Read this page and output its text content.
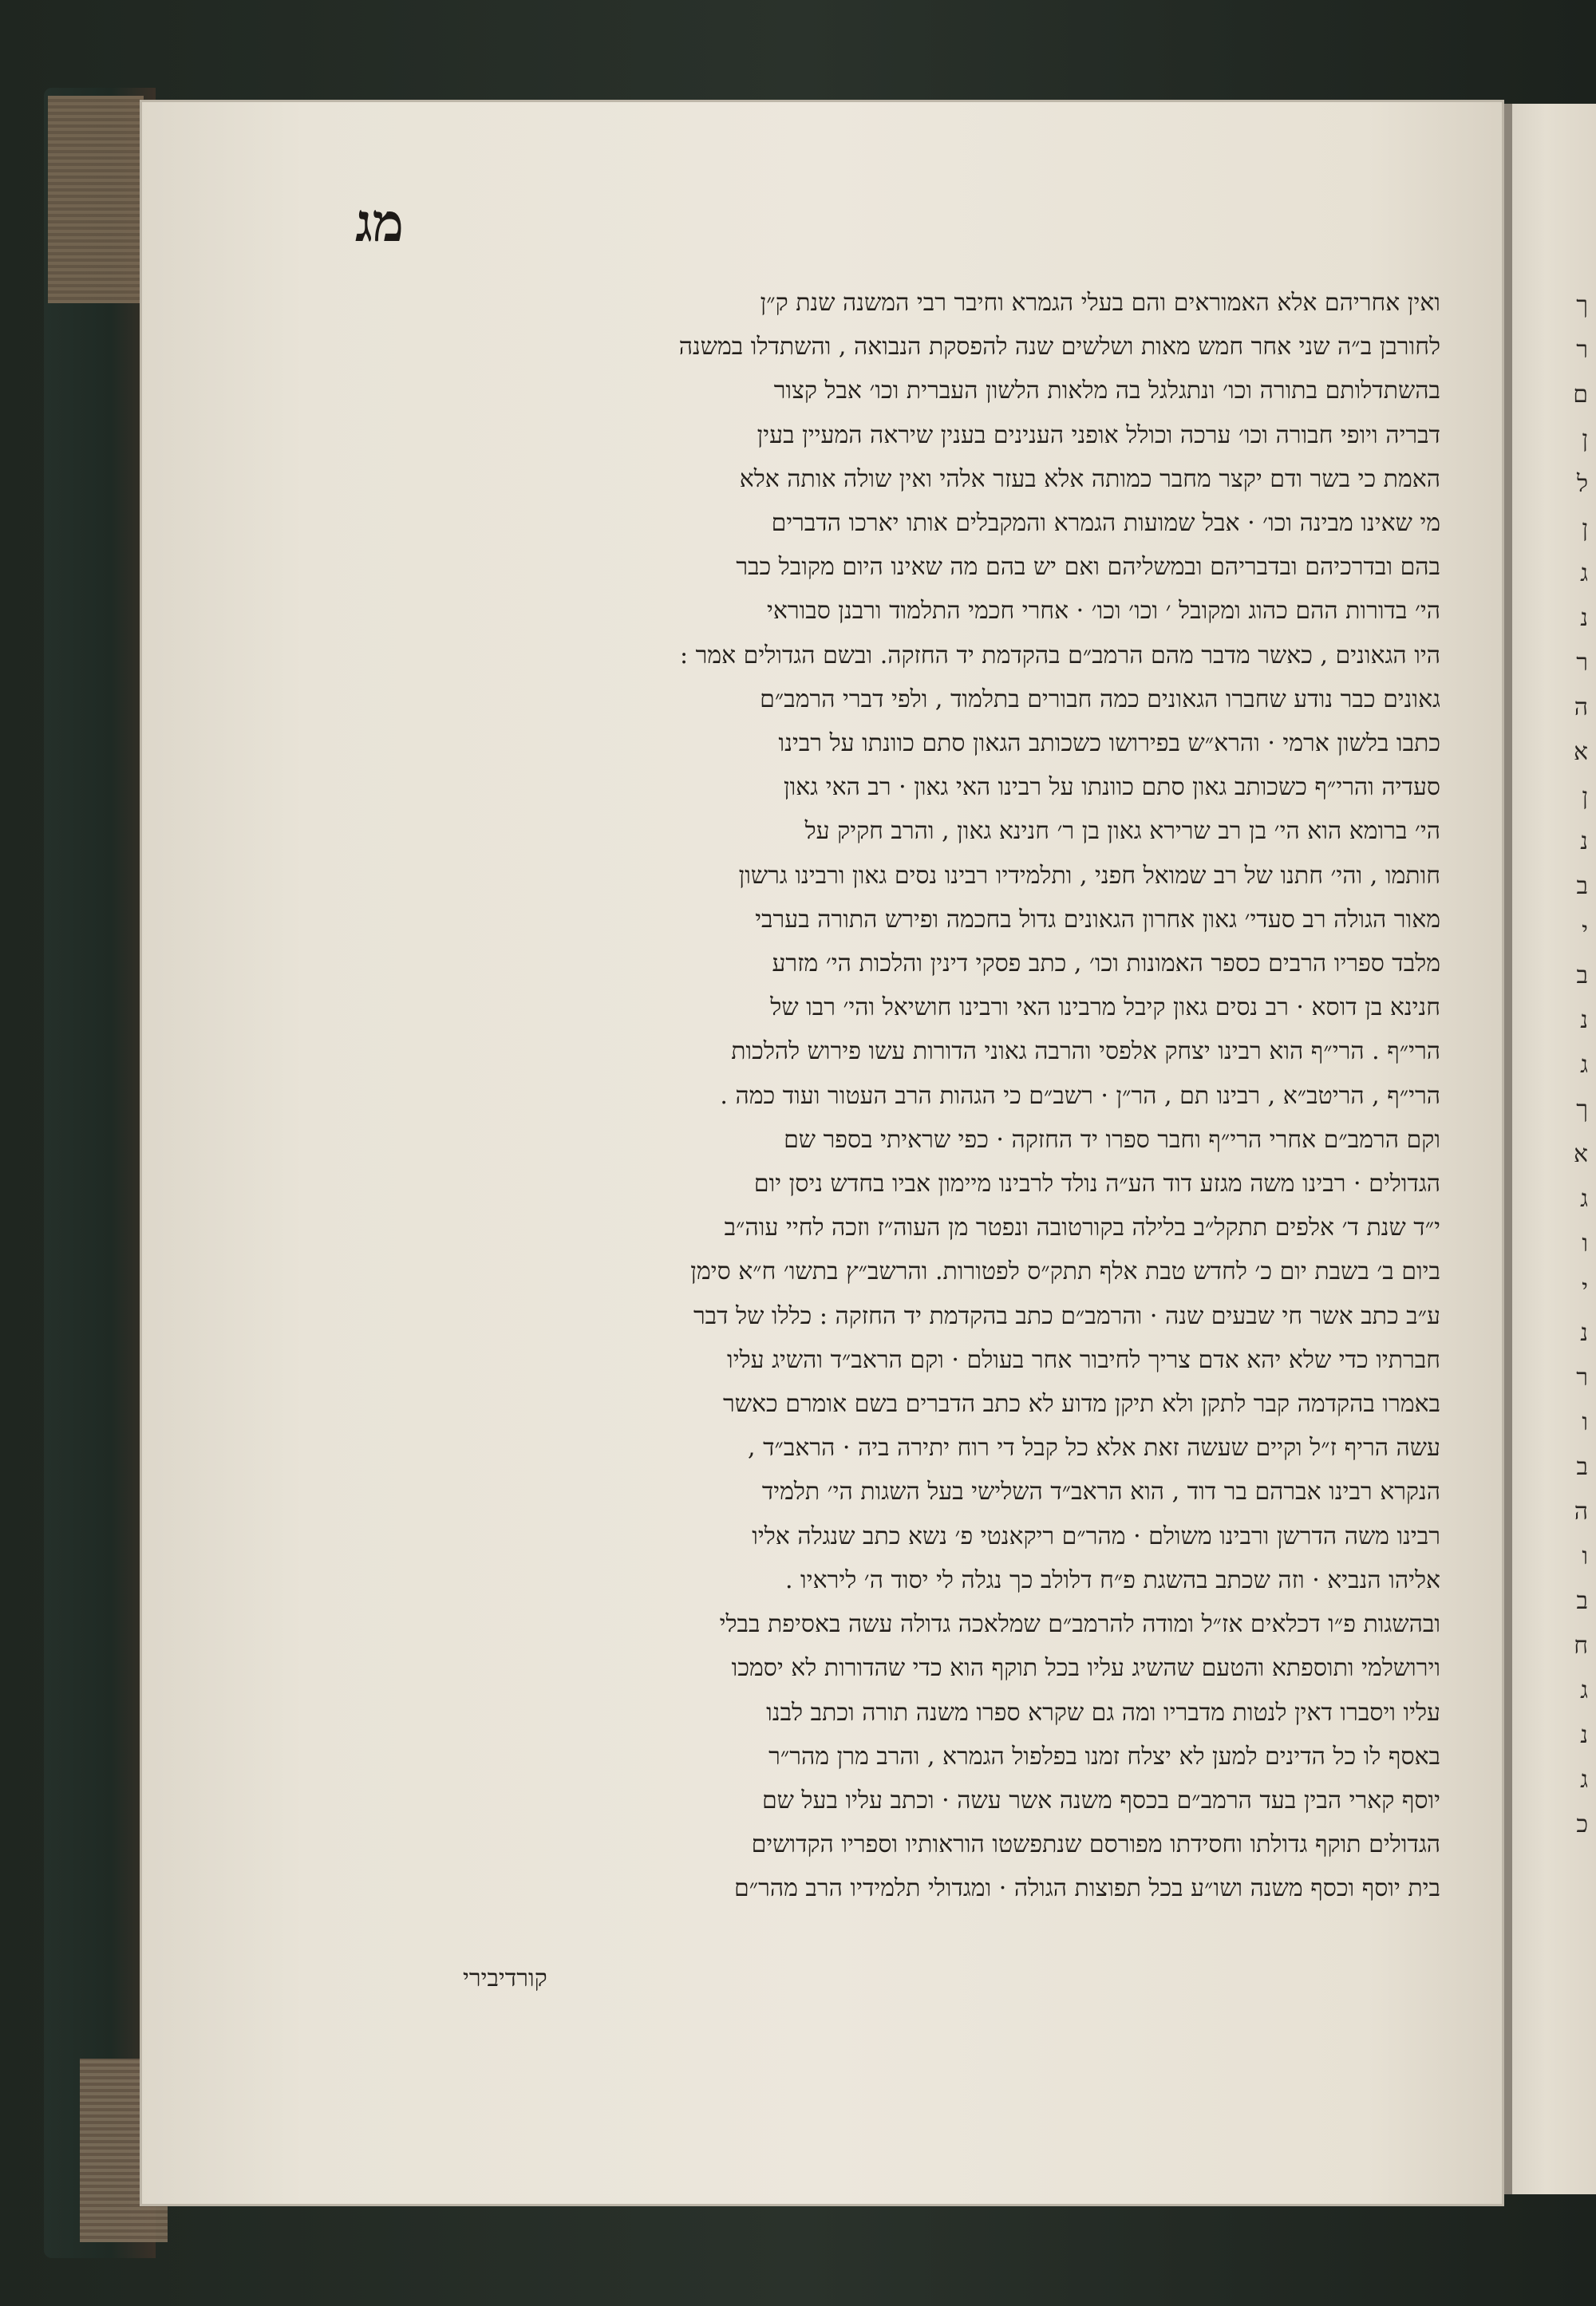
ך
ר
ם
ן
ל
ן
ג
נ
ר
ה
א
ן
נ
ב
י
ב
נ
ג
ך
א
ג
ו
י
נ
ר
ו
ב
ה
ו
ב
ח
ג
נ
ג
כ
מג
ואין אחריהם אלא האמוראים והם בעלי הגמרא וחיבר רבי המשנה שנת ק״ן
לחורבן ב״ה שני אחר חמש מאות ושלשים שנה להפסקת הנבואה , והשתדלו במשנה
בהשתדלותם בתורה וכו׳ ונתגלגל בה מלאות הלשון העברית וכו׳ אבל קצור
דבריה ויופי חבורה וכו׳ ערכה וכולל אופני הענינים בענין שיראה המעיין בעין
האמת כי בשר ודם יקצר מחבר כמותה אלא בעזר אלהי ואין שולה אותה אלא
מי שאינו מבינה וכו׳ · אבל שמועות הגמרא והמקבלים אותו יארכו הדברים
בהם ובדרכיהם ובדבריהם ובמשליהם ואם יש בהם מה שאינו היום מקובל כבר
הי׳ בדורות ההם כהוג ומקובל ׳ וכו׳ וכו׳ · אחרי חכמי התלמוד ורבנן סבוראי
היו הגאונים , כאשר מדבר מהם הרמב״ם בהקדמת יד החזקה. ובשם הגדולים אמר :
גאונים כבר נודע שחברו הגאונים כמה חבורים בתלמוד , ולפי דברי הרמב״ם
כתבו בלשון ארמי · והרא״ש בפירושו כשכותב הגאון סתם כוונתו על רבינו
סעדיה והרי״ף כשכותב גאון סתם כוונתו על רבינו האי גאון · רב האי גאון
הי׳ ברומא הוא הי׳ בן רב שרירא גאון בן ר׳ חנינא גאון , והרב חקיק על
חותמו , והי׳ חתנו של רב שמואל חפני , ותלמידיו רבינו נסים גאון ורבינו גרשון
מאור הגולה רב סעדי׳ גאון אחרון הגאונים גדול בחכמה ופירש התורה בערבי
מלבד ספריו הרבים כספר האמונות וכו׳ , כתב פסקי דינין והלכות הי׳ מזרע
חנינא בן דוסא · רב נסים גאון קיבל מרבינו האי ורבינו חושיאל והי׳ רבו של
הרי״ף . הרי״ף הוא רבינו יצחק אלפסי והרבה גאוני הדורות עשו פירוש להלכות
הרי״ף , הריטב״א , רבינו תם , הר״ן · רשב״ם כי הגהות הרב העטור ועוד כמה .
וקם הרמב״ם אחרי הרי״ף וחבר ספרו יד החזקה · כפי שראיתי בספר שם
הגדולים · רבינו משה מגזע דוד הע״ה נולד לרבינו מיימון אביו בחדש ניסן יום
י״ד שנת ד׳ אלפים תתקל״ב בלילה בקורטובה ונפטר מן העוה״ז וזכה לחיי עוה״ב
ביום ב׳ בשבת יום כ׳ לחדש טבת אלף תתק״ס לפטורות. והרשב״ץ בתשו׳ ח״א סימן
ע״ב כתב אשר חי שבעים שנה · והרמב״ם כתב בהקדמת יד החזקה : כללו של דבר
חברתיו כדי שלא יהא אדם צריך לחיבור אחר בעולם · וקם הראב״ד והשיג עליו
באמרו בהקדמה קבר לתקן ולא תיקן מדוע לא כתב הדברים בשם אומרם כאשר
עשה הריף ז״ל וקיים שעשה זאת אלא כל קבל די רוח יתירה ביה · הראב״ד ,
הנקרא רבינו אברהם בר דוד , הוא הראב״ד השלישי בעל השגות הי׳ תלמיד
רבינו משה הדרשן ורבינו משולם · מהר״ם ריקאנטי פ׳ נשא כתב שנגלה אליו
אליהו הנביא · וזה שכתב בהשגת פ״ח דלולב כך נגלה לי יסוד ה׳ ליראיו .
ובהשגות פ״ו דכלאים אז״ל ומודה להרמב״ם שמלאכה גדולה עשה באסיפת בבלי
וירושלמי ותוספתא והטעם שהשיג עליו בכל תוקף הוא כדי שהדורות לא יסמכו
עליו ויסברו דאין לנטות מדבריו ומה גם שקרא ספרו משנה תורה וכתב לבנו
באסף לו כל הדינים למען לא יצלח זמנו בפלפול הגמרא , והרב מרן מהר״ר
יוסף קארי הבין בעד הרמב״ם בכסף משנה אשר עשה · וכתב עליו בעל שם
הגדולים תוקף גדולתו וחסידתו מפורסם שנתפשטו הוראותיו וספריו הקדושים
בית יוסף וכסף משנה ושו״ע בכל תפוצות הגולה · ומגדולי תלמידיו הרב מהר״ם
קורדיבירי
